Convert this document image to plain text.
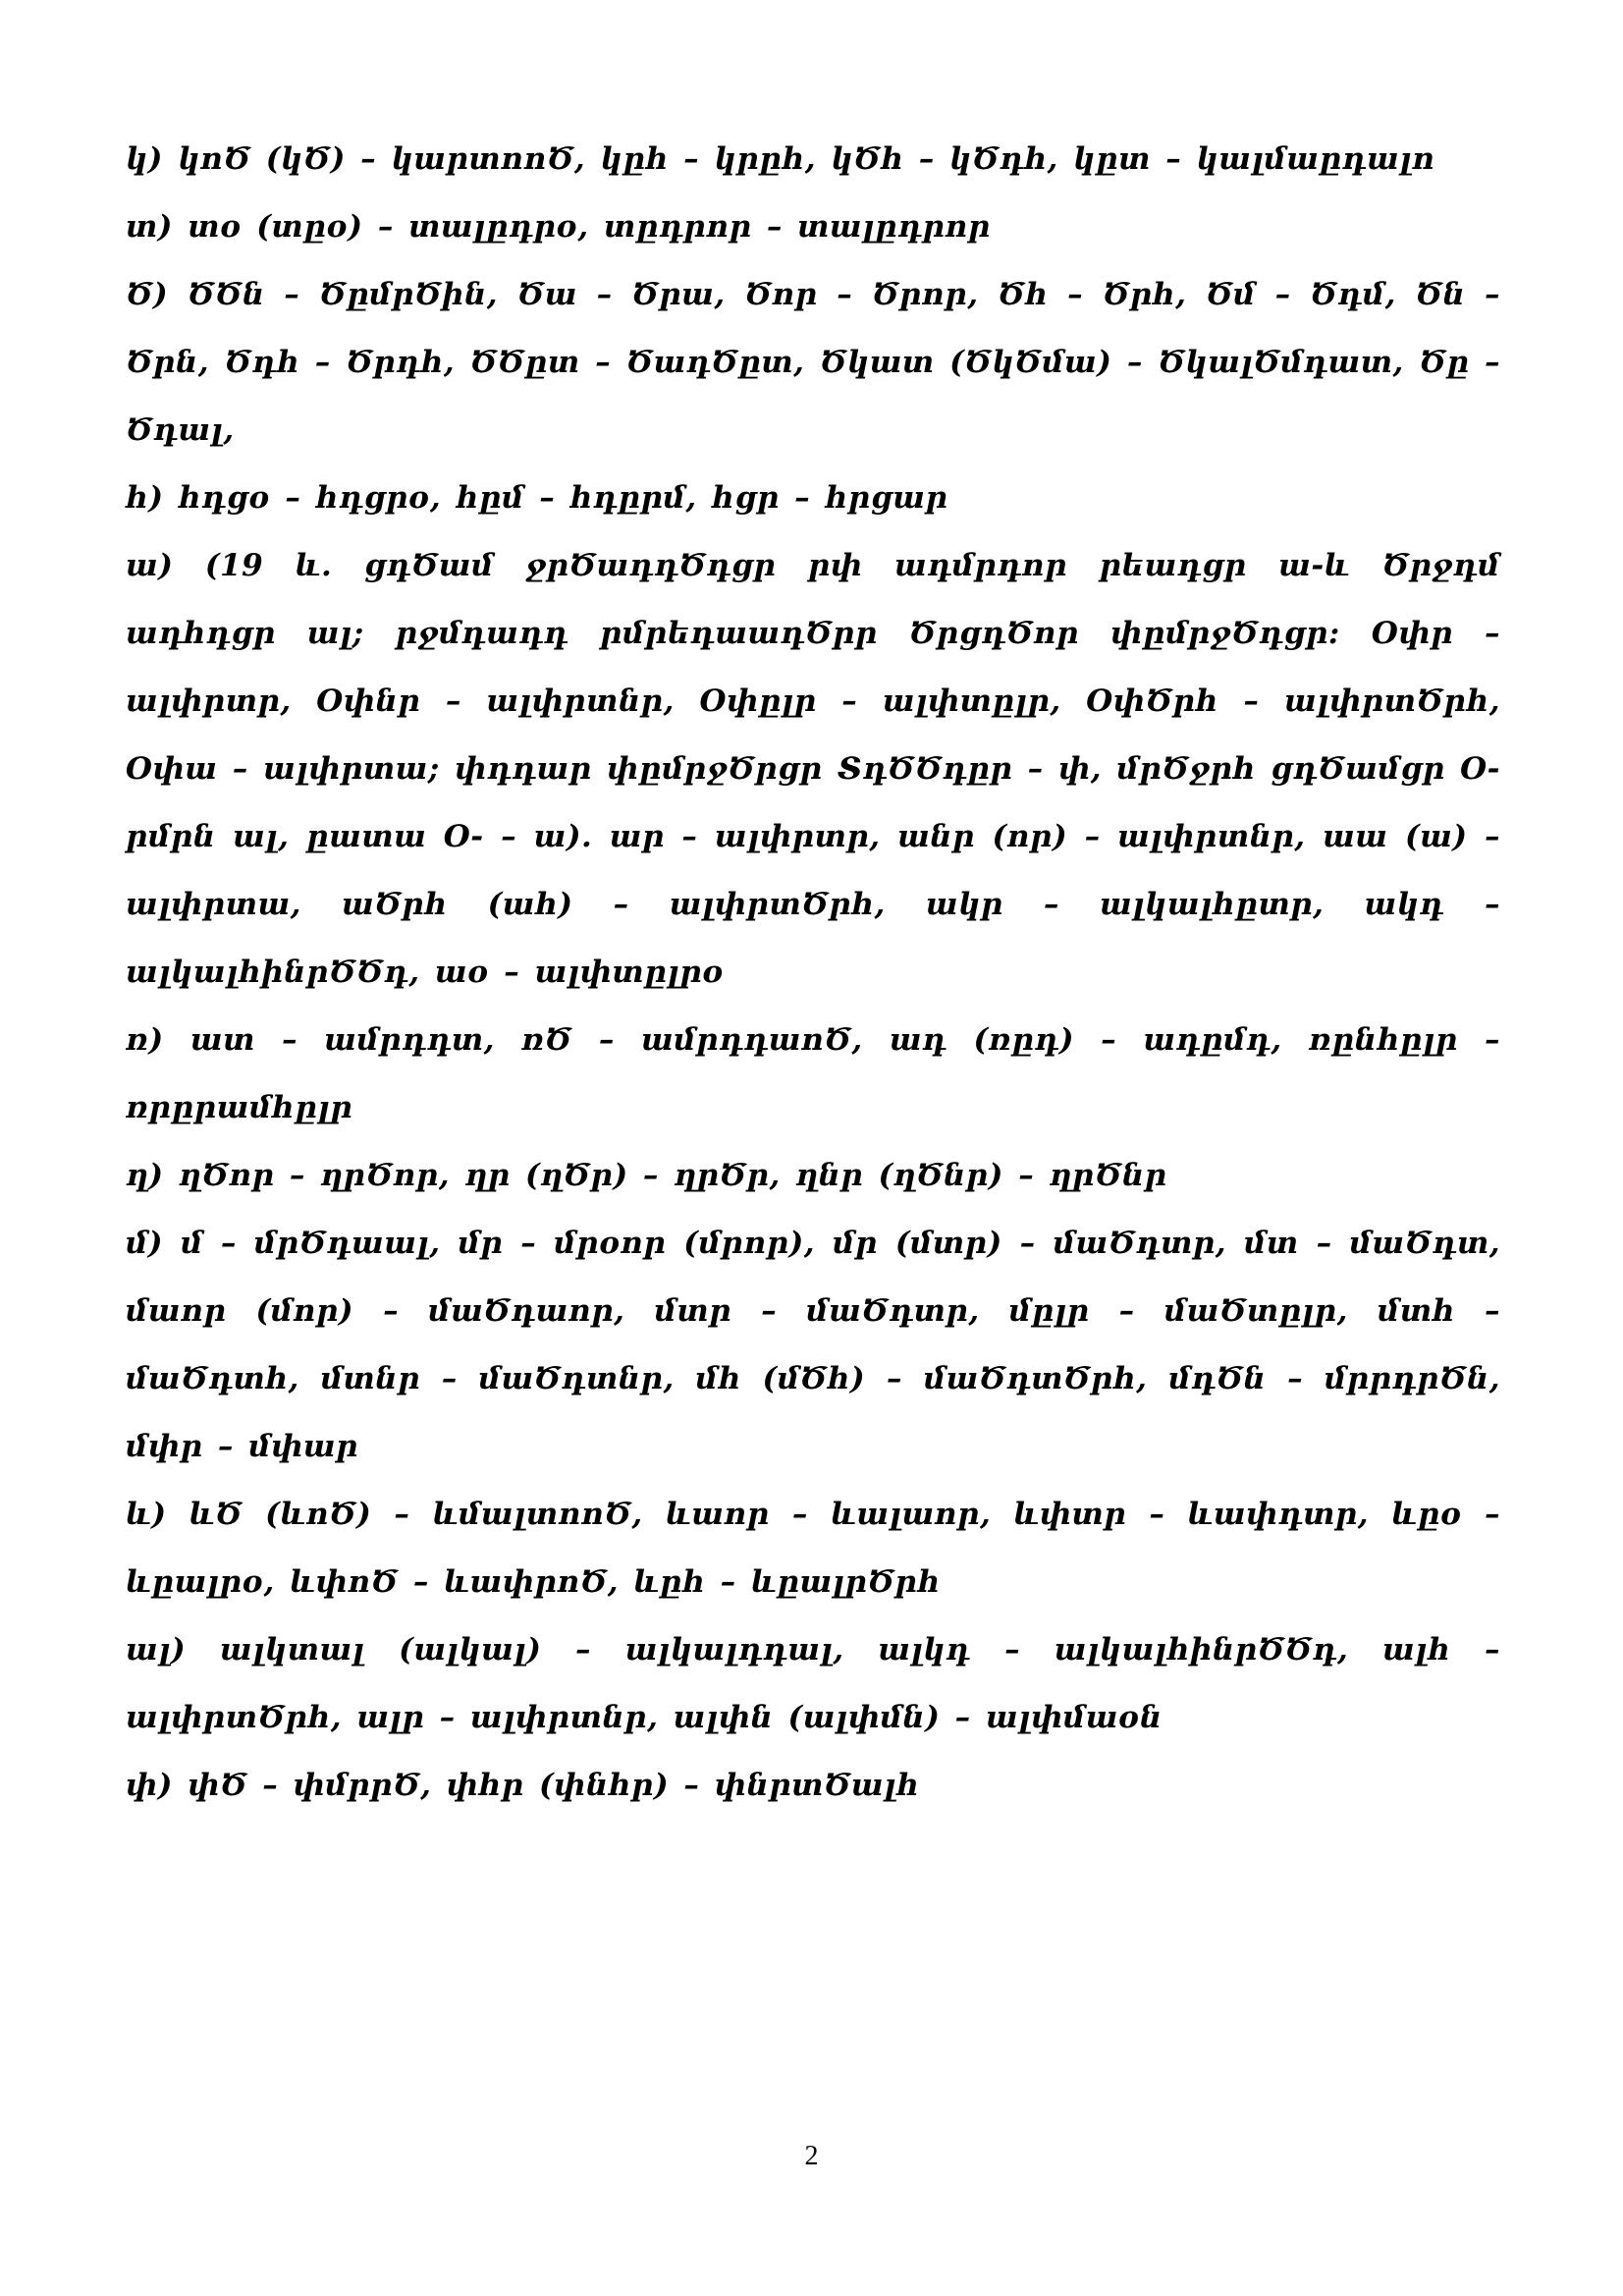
կ) կոԾ (կԾ) – կարտոոԾ, կըհ – կրըհ, կԾհ – կԾդհ, կըտ – կալմաըդալո

տ) տօ (տըօ) – տալըդրօ, տըդրոր – տալըդրոր

Ծ) ԾԾն – ԾըմրԾին, Ծա – Ծրա, Ծոր – Ծրոր, Ծհ – Ծրհ, Ծմ – Ծդմ, Ծն – Ծրն, Ծդհ – Ծրդհ, ԾԾըտ – ԾադԾըտ, Ծկատ (ԾկԾմա) – ԾկալԾմդատ, Ծը – Ծդալ,

հ) հդցօ – հդցրօ, հըմ – հդըրմ, հցր – հրցար

ա) (19 և. ցդԾամ ջրԾադդԾդցր րփ ադմրդոր րեադցր ա-և Ծրջդմ ադհդցր ալ; րջմդադդ րմրեդաադԾրր ԾրցդԾոր փըմրջԾդցր: Օփր – ալփրտր, Օփնր – ալփրտնր, Օփըլր – ալփտըլր, ՕփԾրհ – ալփրտԾրհ, Օփա – ալփրտա; փդդար փըմրջԾրցր ՏդԾԾդըր – փ, մրԾջրհ ցդԾամցր Օ- րմրն ալ, ըատա Օ- – ա). ար – ալփրտր, անր (որ) – ալփրտնր, աա (ա) – ալփրտա, աԾրհ (ահ) – ալփրտԾրհ, ակր – ալկալհըտր, ակդ – ալկալհինրԾԾդ, աօ – ալփտըլրօ

ռ) ատ – ամրդդտ, ռԾ – ամրդդաոԾ, ադ (ռըդ) – ադըմդ, ռընհըլր – ռրըրամհըլր

ղ) ղԾոր – ղրԾոր, ղր (ղԾր) – ղրԾր, ղնր (ղԾնր) – ղրԾնր

մ) մ – մրԾդաալ, մր – մրօոր (մրոր), մր (մտր) – մաԾդտր, մտ – մաԾդտ, մաոր (մոր) – մաԾդաոր, մտր – մաԾդտր, մըլր – մաԾտըլր, մտհ – մաԾդտհ, մտնր – մաԾդտնր, մհ (մԾհ) – մաԾդտԾրհ, մդԾն – մրրդրԾն, մփր – մփար

և) ևԾ (ևոԾ) – ևմալտոոԾ, ևաոր – ևալաոր, ևփտր – ևափդտր, ևըօ – ևըալրօ, ևփոԾ – ևափրոԾ, ևըհ – ևըալրԾրհ

ալ) ալկտալ (ալկալ) – ալկալդդալ, ալկդ – ալկալհինրԾԾդ, ալհ – ալփրտԾրհ, ալր – ալփրտնր, ալփն (ալփմն) – ալփմաօն

փ) փԾ – փմրրԾ, փհր (փնհր) – փնրտԾալհ

2
